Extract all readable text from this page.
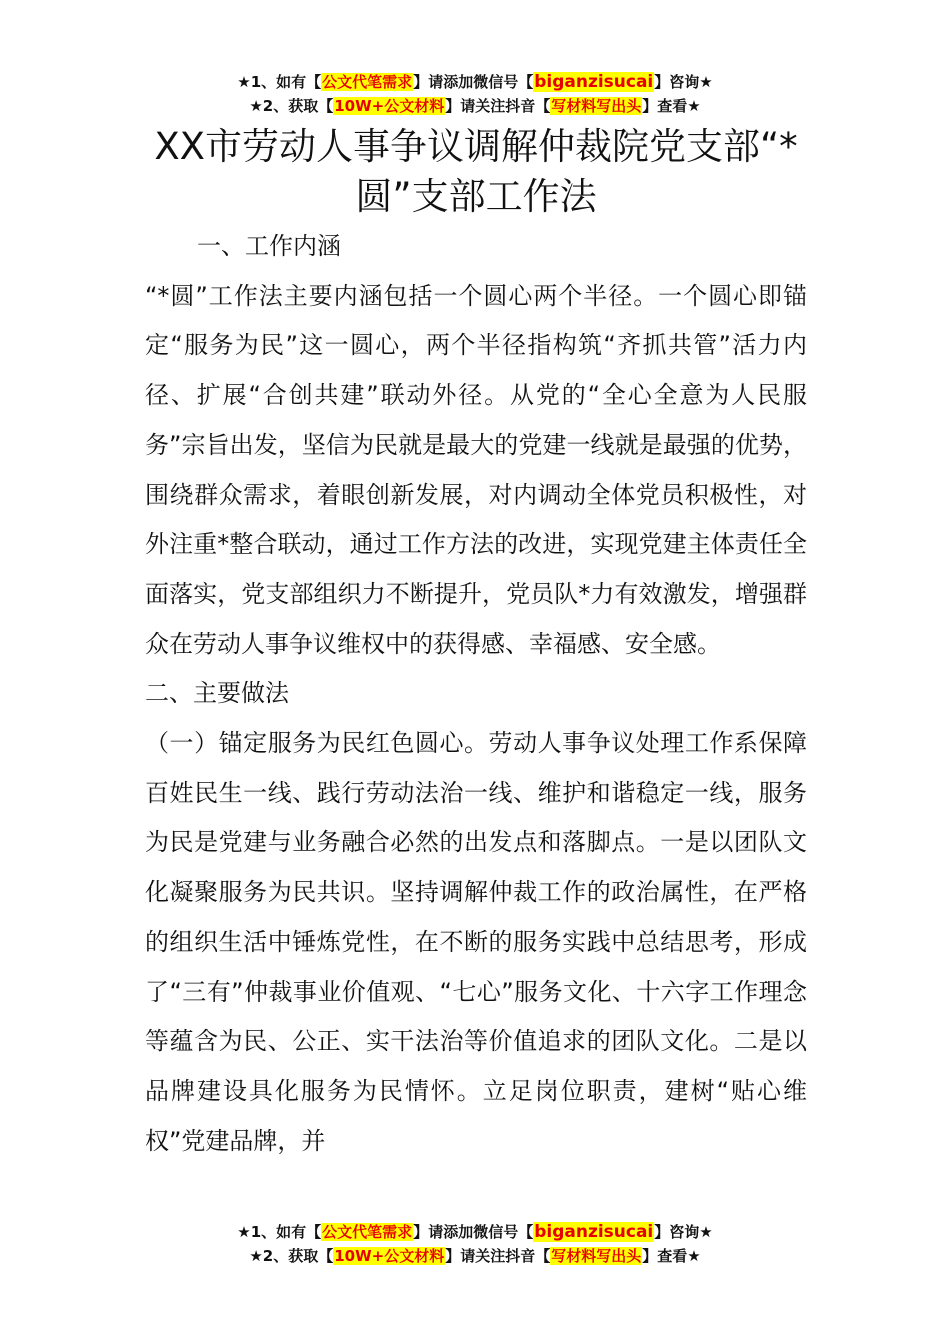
★1、如有【公文代笔需求】请添加微信号【biganzisucai】咨询★
★2、获取【10W+公文材料】请关注抖音【写材料写出头】查看★
XX市劳动人事争议调解仲裁院党支部“*圆”支部工作法

一、工作内涵

“*圆”工作法主要内涵包括一个圆心两个半径。一个圆心即锚定“服务为民”这一圆心，两个半径指构筑“齐抓共管”活力内径、扩展“合创共建”联动外径。从党的“全心全意为人民服务”宗旨出发，坚信为民就是最大的党建一线就是最强的优势，围绕群众需求，着眼创新发展，对内调动全体党员积极性，对外注重*整合联动，通过工作方法的改进，实现党建主体责任全面落实，党支部组织力不断提升，党员队*力有效激发，增强群众在劳动人事争议维权中的获得感、幸福感、安全感。

二、主要做法

（一）锚定服务为民红色圆心。劳动人事争议处理工作系保障百姓民生一线、践行劳动法治一线、维护和谐稳定一线，服务为民是党建与业务融合必然的出发点和落脚点。一是以团队文化凝聚服务为民共识。坚持调解仲裁工作的政治属性，在严格的组织生活中锤炼党性，在不断的服务实践中总结思考，形成了“三有”仲裁事业价值观、“七心”服务文化、十六字工作理念等蕴含为民、公正、实干法治等价值追求的团队文化。二是以品牌建设具化服务为民情怀。立足岗位职责，建树“贴心维权”党建品牌，并

★1、如有【公文代笔需求】请添加微信号【biganzisucai】咨询★
★2、获取【10W+公文材料】请关注抖音【写材料写出头】查看★
